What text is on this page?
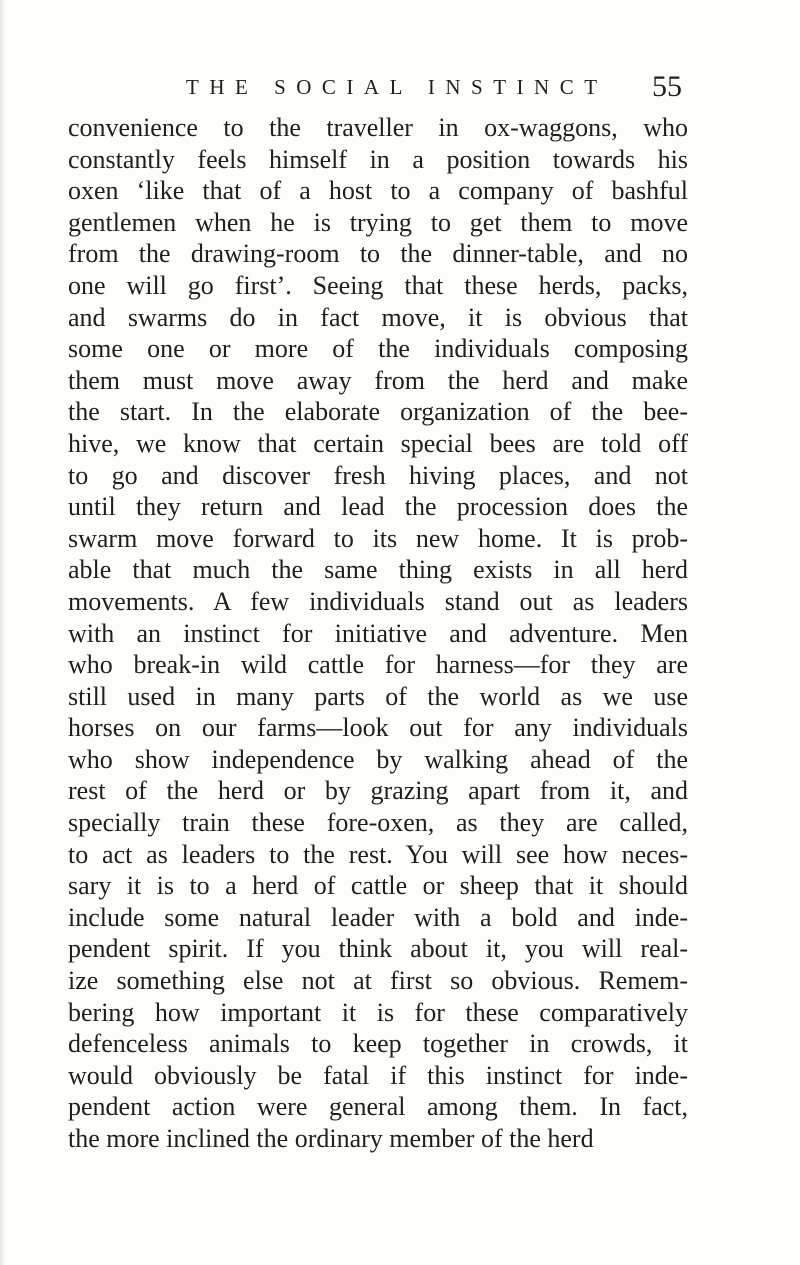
THE SOCIAL INSTINCT 55
convenience to the traveller in ox-waggons, who
constantly feels himself in a position towards his
oxen ‘like that of a host to a company of bashful
gentlemen when he is trying to get them to move
from the drawing-room to the dinner-table, and no
one will go first’. Seeing that these herds, packs,
and swarms do in fact move, it is obvious that
some one or more of the individuals composing
them must move away from the herd and make
the start. In the elaborate organization of the bee-
hive, we know that certain special bees are told off
to go and discover fresh hiving places, and not
until they return and lead the procession does the
swarm move forward to its new home. It is prob-
able that much the same thing exists in all herd
movements. A few individuals stand out as leaders
with an instinct for initiative and adventure. Men
who break-in wild cattle for harness—for they are
still used in many parts of the world as we use
horses on our farms—look out for any individuals
who show independence by walking ahead of the
rest of the herd or by grazing apart from it, and
specially train these fore-oxen, as they are called,
to act as leaders to the rest. You will see how neces-
sary it is to a herd of cattle or sheep that it should
include some natural leader with a bold and inde-
pendent spirit. If you think about it, you will real-
ize something else not at first so obvious. Remem-
bering how important it is for these comparatively
defenceless animals to keep together in crowds, it
would obviously be fatal if this instinct for inde-
pendent action were general among them. In fact,
the more inclined the ordinary member of the herd
